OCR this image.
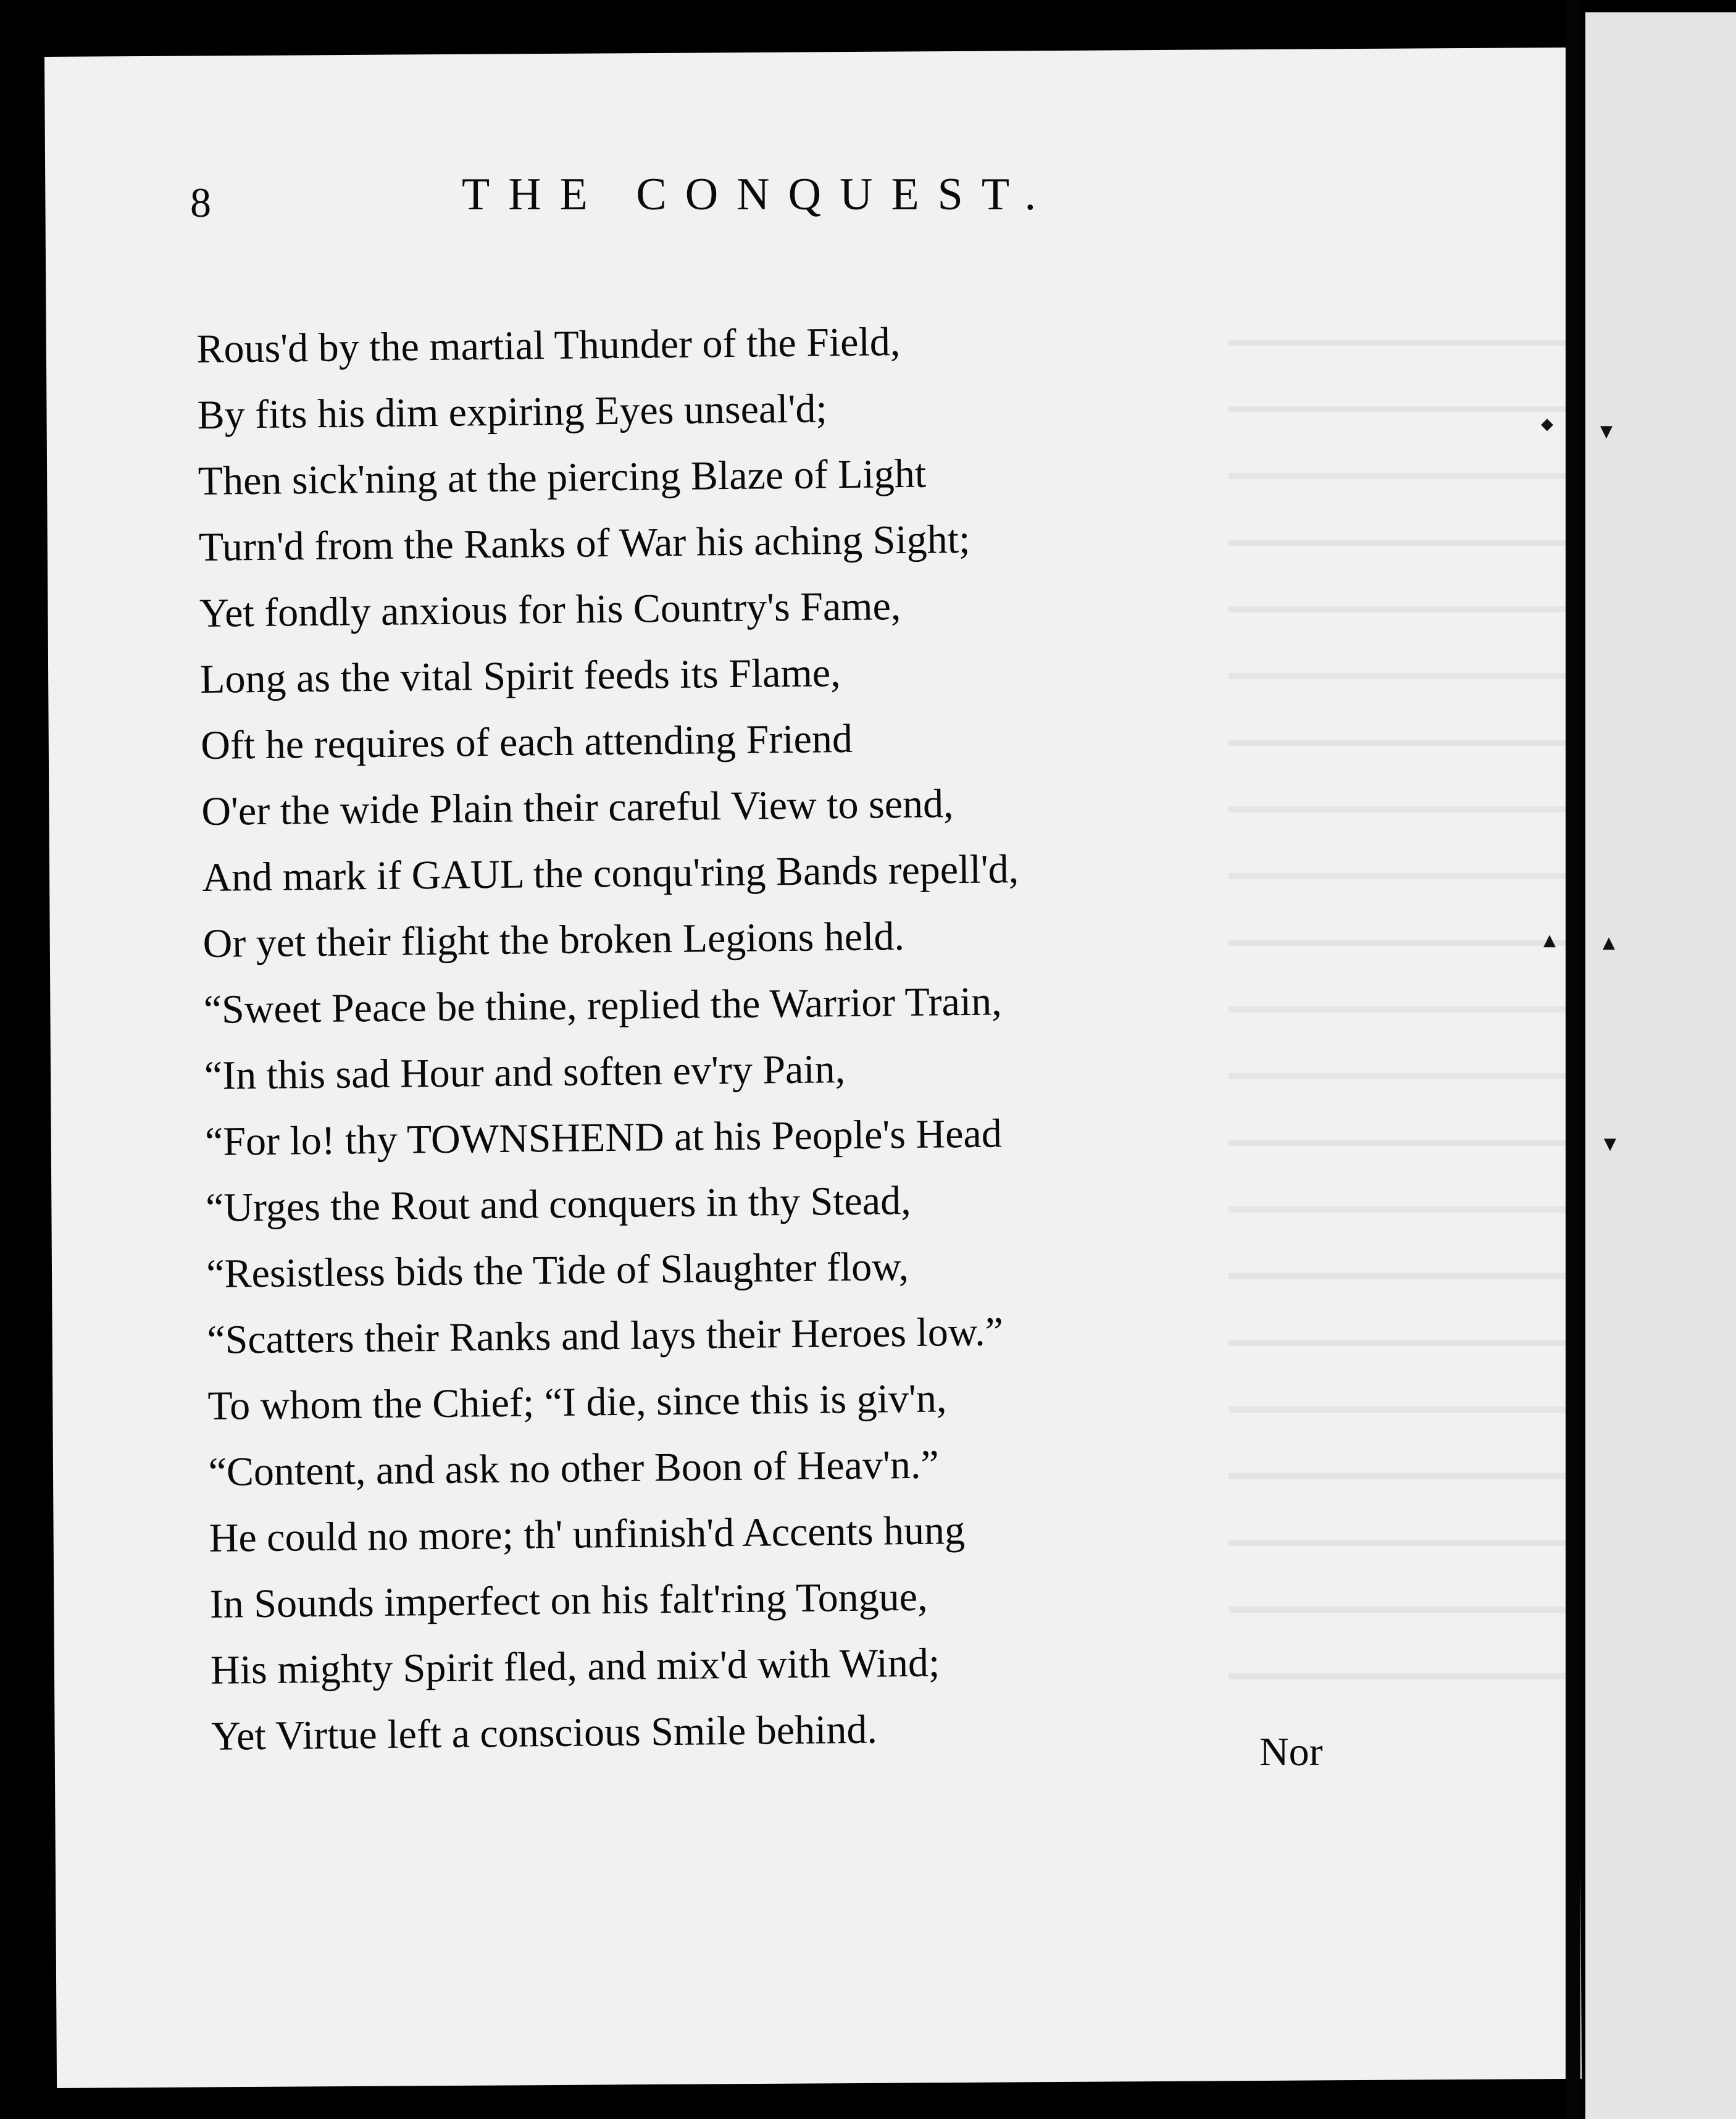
◆	▼
▲	▲
▼
8	THE CONQUEST.
Rous'd by the martial Thunder of the Field,
By fits his dim expiring Eyes unseal'd;
Then sick'ning at the piercing Blaze of Light
Turn'd from the Ranks of War his aching Sight;
Yet fondly anxious for his Country's Fame,
Long as the vital Spirit feeds its Flame,
Oft he requires of each attending Friend
O'er the wide Plain their careful View to send,
And mark if GAUL the conqu'ring Bands repell'd,
Or yet their flight the broken Legions held.
“Sweet Peace be thine, replied the Warrior Train,
“In this sad Hour and soften ev'ry Pain,
“For lo! thy TOWNSHEND at his People's Head
“Urges the Rout and conquers in thy Stead,
“Resistless bids the Tide of Slaughter flow,
“Scatters their Ranks and lays their Heroes low.”
To whom the Chief; “I die, since this is giv'n,
“Content, and ask no other Boon of Heav'n.”
He could no more; th' unfinish'd Accents hung
In Sounds imperfect on his falt'ring Tongue,
His mighty Spirit fled, and mix'd with Wind;
Yet Virtue left a conscious Smile behind.	Nor
